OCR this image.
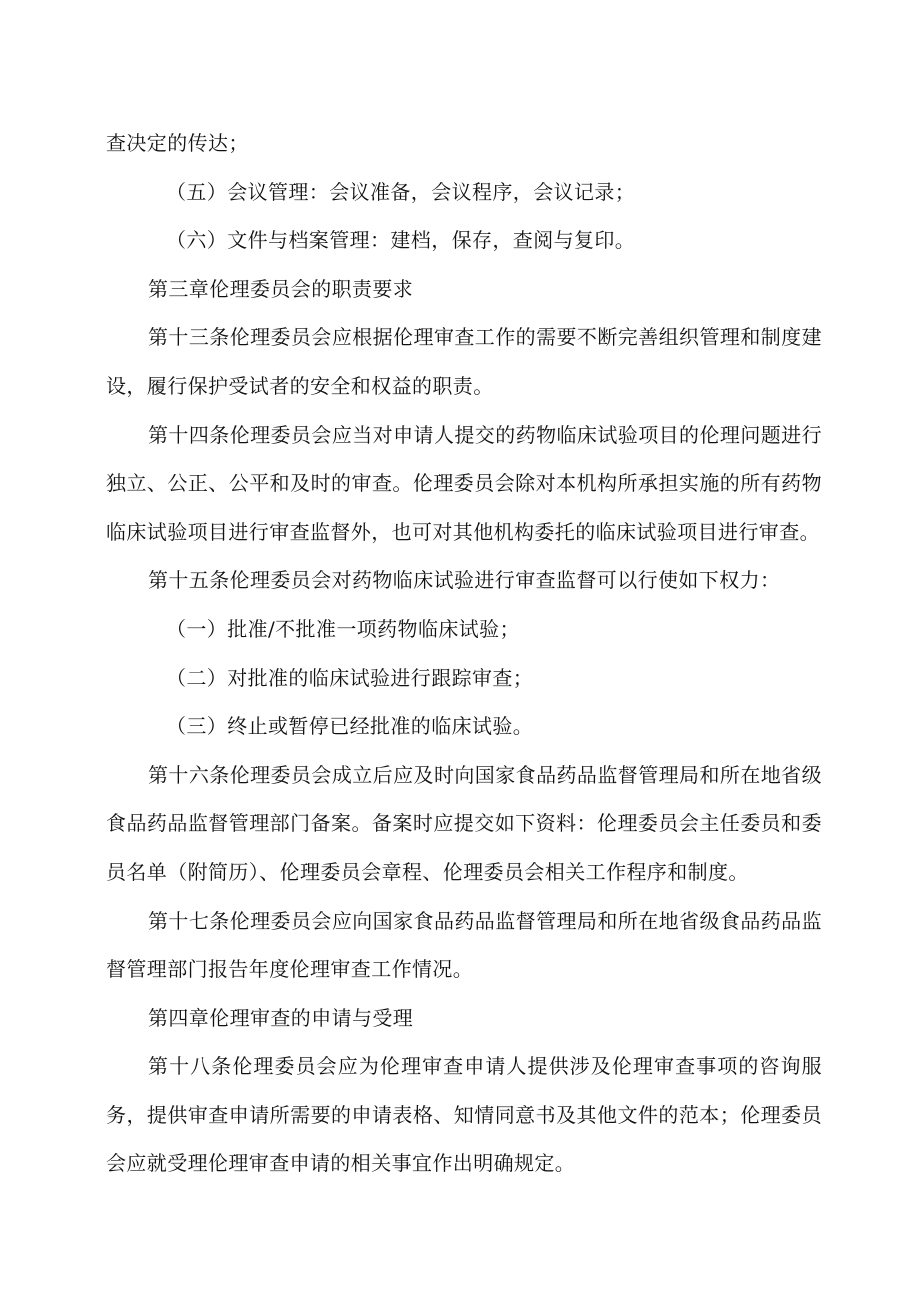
查决定的传达；

（五）会议管理：会议准备，会议程序，会议记录；

（六）文件与档案管理：建档，保存，查阅与复印。

第三章伦理委员会的职责要求

第十三条伦理委员会应根据伦理审查工作的需要不断完善组织管理和制度建设，履行保护受试者的安全和权益的职责。

第十四条伦理委员会应当对申请人提交的药物临床试验项目的伦理问题进行独立、公正、公平和及时的审查。伦理委员会除对本机构所承担实施的所有药物临床试验项目进行审查监督外，也可对其他机构委托的临床试验项目进行审查。

第十五条伦理委员会对药物临床试验进行审查监督可以行使如下权力：

（一）批准/不批准一项药物临床试验；

（二）对批准的临床试验进行跟踪审查；

（三）终止或暂停已经批准的临床试验。

第十六条伦理委员会成立后应及时向国家食品药品监督管理局和所在地省级食品药品监督管理部门备案。备案时应提交如下资料：伦理委员会主任委员和委员名单（附简历）、伦理委员会章程、伦理委员会相关工作程序和制度。

第十七条伦理委员会应向国家食品药品监督管理局和所在地省级食品药品监督管理部门报告年度伦理审查工作情况。

第四章伦理审查的申请与受理

第十八条伦理委员会应为伦理审查申请人提供涉及伦理审查事项的咨询服务，提供审查申请所需要的申请表格、知情同意书及其他文件的范本；伦理委员会应就受理伦理审查申请的相关事宜作出明确规定。
